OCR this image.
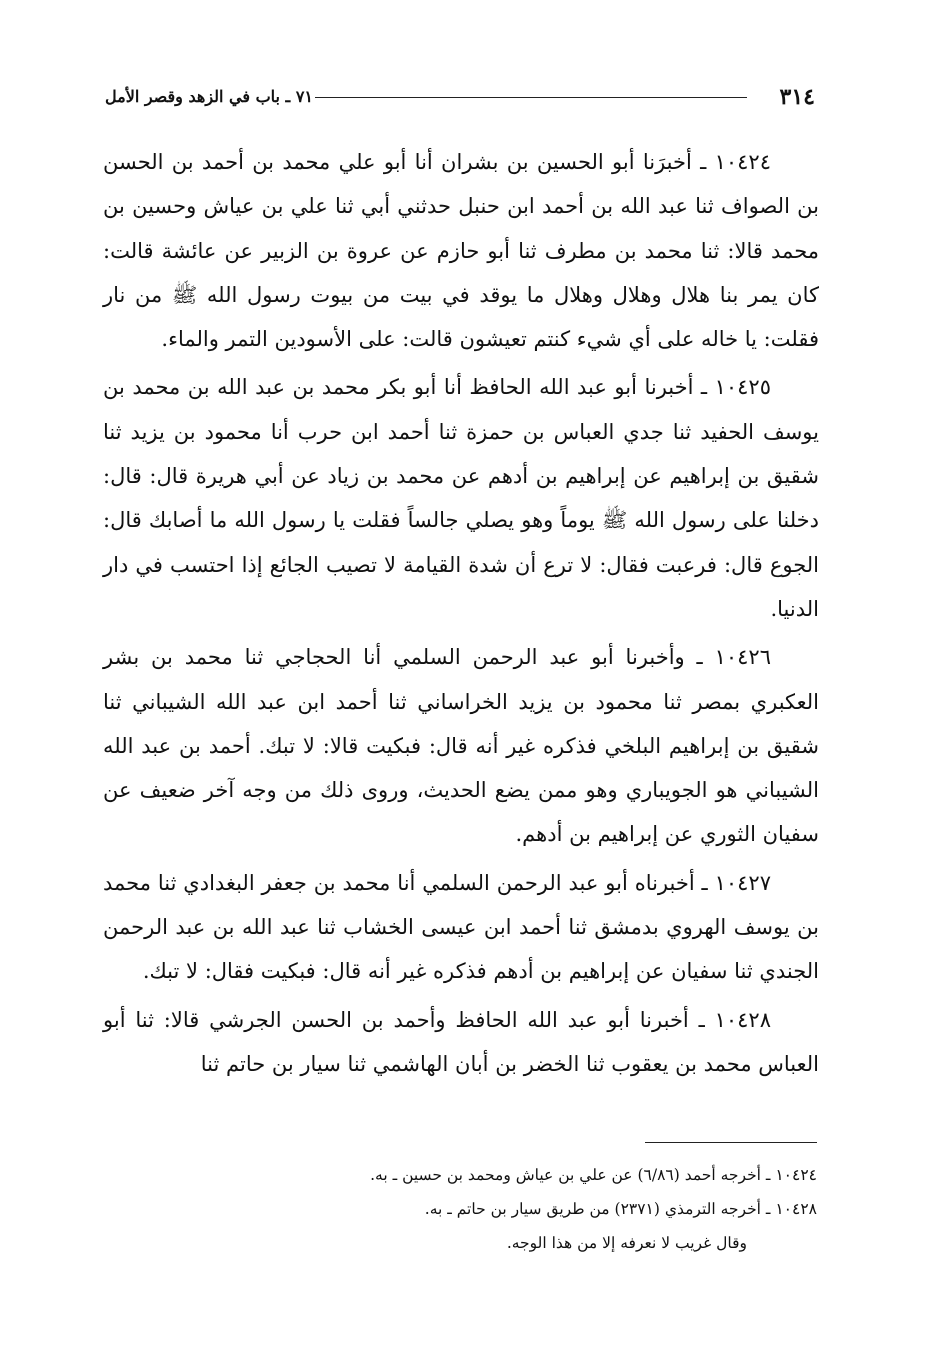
٣١٤
٧١ ـ باب في الزهد وقصر الأمل

١٠٤٢٤ ـ أخبرَنا أبو الحسين بن بشران أنا أبو علي محمد بن أحمد بن الحسن بن الصواف ثنا عبد الله بن أحمد ابن حنبل حدثني أبي ثنا علي بن عياش وحسين بن محمد قالا: ثنا محمد بن مطرف ثنا أبو حازم عن عروة بن الزبير عن عائشة قالت: كان يمر بنا هلال وهلال وهلال ما يوقد في بيت من بيوت رسول الله ﷺ من نار فقلت: يا خاله على أي شيء كنتم تعيشون قالت: على الأسودين التمر والماء.

١٠٤٢٥ ـ أخبرنا أبو عبد الله الحافظ أنا أبو بكر محمد بن عبد الله بن محمد بن يوسف الحفيد ثنا جدي العباس بن حمزة ثنا أحمد ابن حرب أنا محمود بن يزيد ثنا شقيق بن إبراهيم عن إبراهيم بن أدهم عن محمد بن زياد عن أبي هريرة قال: قال: دخلنا على رسول الله ﷺ يوماً وهو يصلي جالساً فقلت يا رسول الله ما أصابك قال: الجوع قال: فرعبت فقال: لا ترع أن شدة القيامة لا تصيب الجائع إذا احتسب في دار الدنيا.

١٠٤٢٦ ـ وأخبرنا أبو عبد الرحمن السلمي أنا الحجاجي ثنا محمد بن بشر العكبري بمصر ثنا محمود بن يزيد الخراساني ثنا أحمد ابن عبد الله الشيباني ثنا شقيق بن إبراهيم البلخي فذكره غير أنه قال: فبكيت قالا: لا تبك. أحمد بن عبد الله الشيباني هو الجويباري وهو ممن يضع الحديث، وروى ذلك من وجه آخر ضعيف عن سفيان الثوري عن إبراهيم بن أدهم.

١٠٤٢٧ ـ أخبرناه أبو عبد الرحمن السلمي أنا محمد بن جعفر البغدادي ثنا محمد بن يوسف الهروي بدمشق ثنا أحمد ابن عيسى الخشاب ثنا عبد الله بن عبد الرحمن الجندي ثنا سفيان عن إبراهيم بن أدهم فذكره غير أنه قال: فبكيت فقال: لا تبك.

١٠٤٢٨ ـ أخبرنا أبو عبد الله الحافظ وأحمد بن الحسن الجرشي قالا: ثنا أبو العباس محمد بن يعقوب ثنا الخضر بن أبان الهاشمي ثنا سيار بن حاتم ثنا

١٠٤٢٤ ـ أخرجه أحمد (٦/٨٦) عن علي بن عياش ومحمد بن حسين ـ به.

١٠٤٢٨ ـ أخرجه الترمذي (٢٣٧١) من طريق سيار بن حاتم ـ به.

وقال غريب لا نعرفه إلا من هذا الوجه.
